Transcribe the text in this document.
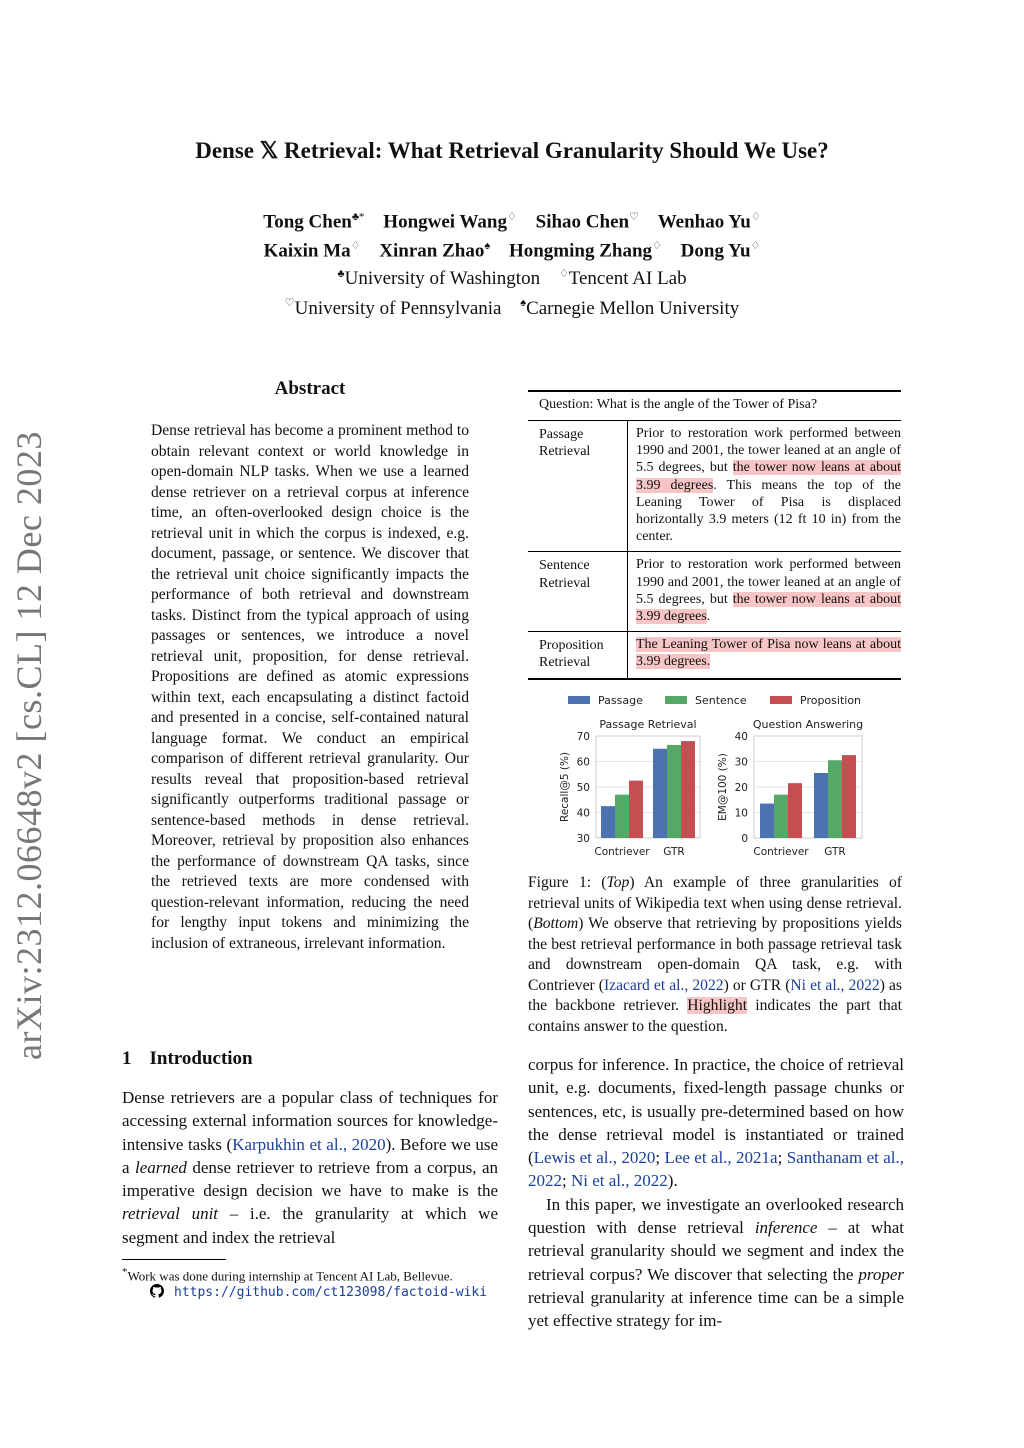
arXiv:2312.06648v2 [cs.CL] 12 Dec 2023
Dense 𝕏 Retrieval: What Retrieval Granularity Should We Use?
Tong Chen♣* Hongwei Wang♢ Sihao Chen♡ Wenhao Yu♢
Kaixin Ma♢ Xinran Zhao♠ Hongming Zhang♢ Dong Yu♢
♣University of Washington ♢Tencent AI Lab
♡University of Pennsylvania ♠Carnegie Mellon University
Abstract
Dense retrieval has become a prominent method to obtain relevant context or world knowledge in open-domain NLP tasks. When we use a learned dense retriever on a retrieval corpus at inference time, an often-overlooked design choice is the retrieval unit in which the corpus is indexed, e.g. document, passage, or sentence. We discover that the retrieval unit choice significantly impacts the performance of both retrieval and downstream tasks. Distinct from the typical approach of using passages or sentences, we introduce a novel retrieval unit, proposition, for dense retrieval. Propositions are defined as atomic expressions within text, each encapsulating a distinct factoid and presented in a concise, self-contained natural language format. We conduct an empirical comparison of different retrieval granularity. Our results reveal that proposition-based retrieval significantly outperforms traditional passage or sentence-based methods in dense retrieval. Moreover, retrieval by proposition also enhances the performance of downstream QA tasks, since the retrieved texts are more condensed with question-relevant information, reducing the need for lengthy input tokens and minimizing the inclusion of extraneous, irrelevant information.
Question: What is the angle of the Tower of Pisa?
Passage
Retrieval
Prior to restoration work performed between 1990 and 2001, the tower leaned at an angle of 5.5 degrees, but the tower now leans at about 3.99 degrees. This means the top of the Leaning Tower of Pisa is displaced horizontally 3.9 meters (12 ft 10 in) from the center.
Sentence
Retrieval
Prior to restoration work performed between 1990 and 2001, the tower leaned at an angle of 5.5 degrees, but the tower now leans at about 3.99 degrees.
Proposition
Retrieval
The Leaning Tower of Pisa now leans at about 3.99 degrees.
Passage	Sentence	Proposition
Passage Retrieval
30
40
50
60
70
Recall@5 (%)
Contriever GTR
Question Answering
0
10
20
30
40
EM@100 (%)
Contriever GTR
Figure 1: (Top) An example of three granularities of retrieval units of Wikipedia text when using dense retrieval. (Bottom) We observe that retrieving by propositions yields the best retrieval performance in both passage retrieval task and downstream open-domain QA task, e.g. with Contriever (Izacard et al., 2022) or GTR (Ni et al., 2022) as the backbone retriever. Highlight indicates the part that contains answer to the question.
1 Introduction
Dense retrievers are a popular class of techniques for accessing external information sources for knowledge-intensive tasks (Karpukhin et al., 2020). Before we use a learned dense retriever to retrieve from a corpus, an imperative design decision we have to make is the retrieval unit – i.e. the granularity at which we segment and index the retrieval
*Work was done during internship at Tencent AI Lab, Bellevue.
https://github.com/ct123098/factoid-wiki

corpus for inference. In practice, the choice of retrieval unit, e.g. documents, fixed-length passage chunks or sentences, etc, is usually pre-determined based on how the dense retrieval model is instantiated or trained (Lewis et al., 2020; Lee et al., 2021a; Santhanam et al., 2022; Ni et al., 2022).

In this paper, we investigate an overlooked research question with dense retrieval inference – at what retrieval granularity should we segment and index the retrieval corpus? We discover that selecting the proper retrieval granularity at inference time can be a simple yet effective strategy for im-
